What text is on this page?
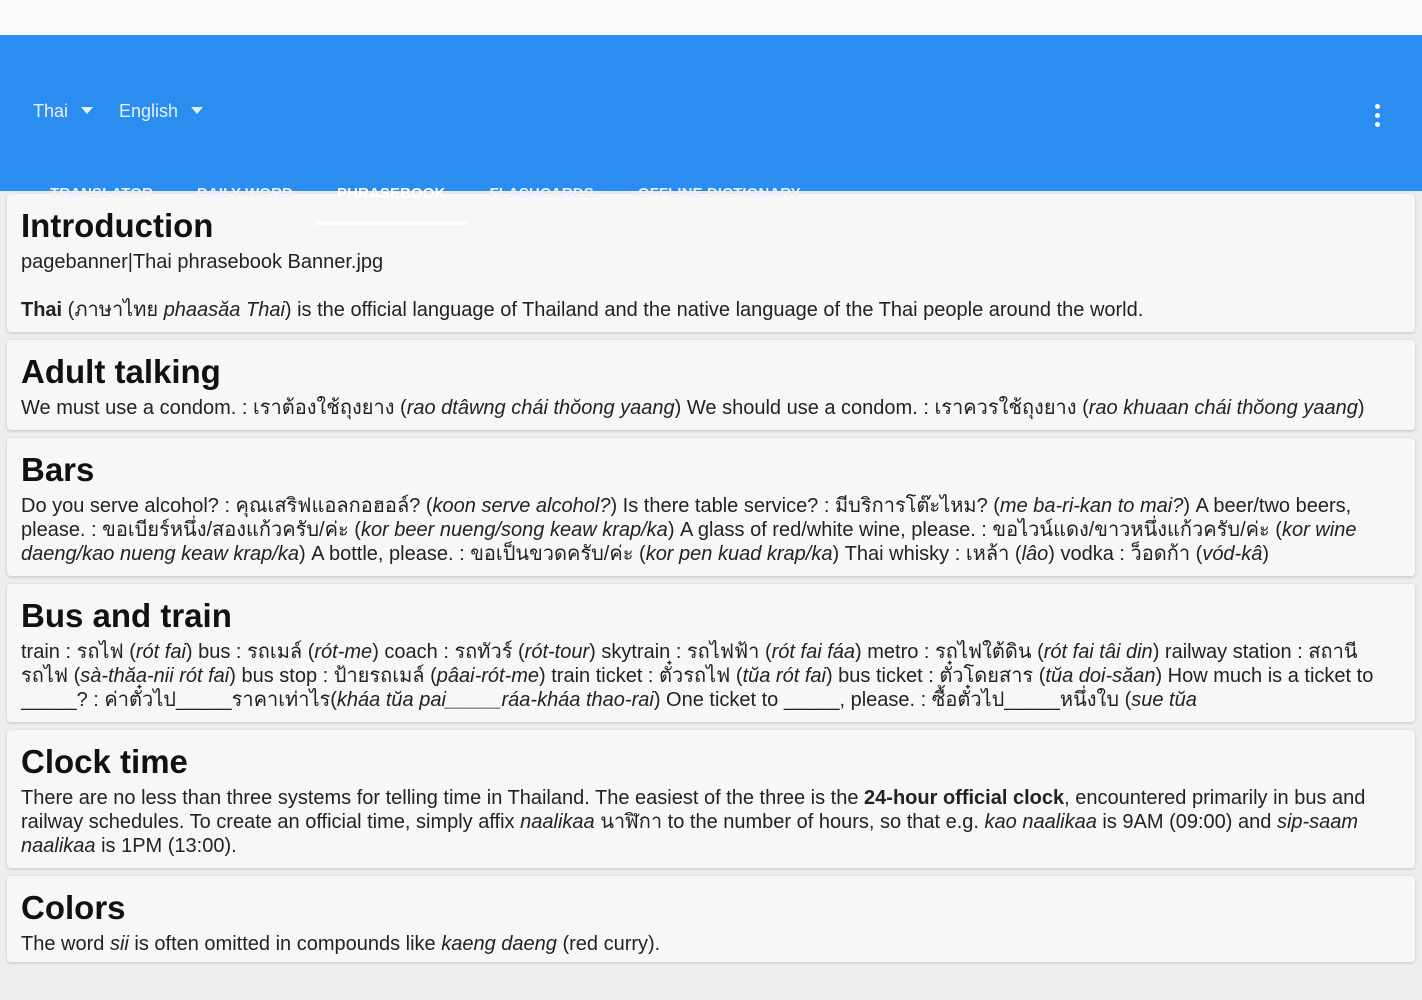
Thai	English
TRANSLATOR	DAILY WORD	PHRASEBOOK	FLASHCARDS	OFFLINE DICTIONARY
Introduction

pagebanner|Thai phrasebook Banner.jpg

Thai (ภาษาไทย phaasăa Thai) is the official language of Thailand and the native language of the Thai people around the world.

Adult talking

We must use a condom. : เราต้องใช้ถุงยาง (rao dtâwng chái thŏong yaang) We should use a condom. : เราควรใช้ถุงยาง (rao khuaan chái thŏong yaang)

Bars

Do you serve alcohol? : คุณเสริฟแอลกอฮอล์? (koon serve alcohol?) Is there table service? : มีบริการโต๊ะไหม? (me ba-ri-kan to mai?) A beer/two beers, please. : ขอเบียร์หนึ่ง/สองแก้วครับ/ค่ะ (kor beer nueng/song keaw krap/ka) A glass of red/white wine, please. : ขอไวน์แดง/ขาวหนึ่งแก้วครับ/ค่ะ (kor wine daeng/kao nueng keaw krap/ka) A bottle, please. : ขอเป็นขวดครับ/ค่ะ (kor pen kuad krap/ka) Thai whisky : เหล้า (lâo) vodka : ว็อดก้า (vód-kâ)

Bus and train

train : รถไฟ (rót fai) bus : รถเมล์ (rót-me) coach : รถทัวร์ (rót-tour) skytrain : รถไฟฟ้า (rót fai fáa) metro : รถไฟใต้ดิน (rót fai tâi din) railway station : สถานีรถไฟ (sà-thăa-nii rót fai) bus stop : ป้ายรถเมล์ (pâai-rót-me) train ticket : ตั๋วรถไฟ (tŭa rót fai) bus ticket : ตั๋วโดยสาร (tŭa doi-săan) How much is a ticket to _____? : ค่าตั๋วไป_____ราคาเท่าไร(kháa tŭa pai_____ráa-kháa thao-rai) One ticket to _____, please. : ซื้อตั๋วไป_____หนึ่งใบ (sue tŭa

Clock time

There are no less than three systems for telling time in Thailand. The easiest of the three is the 24-hour official clock, encountered primarily in bus and railway schedules. To create an official time, simply affix naalikaa นาฬิกา to the number of hours, so that e.g. kao naalikaa is 9AM (09:00) and sip-saam naalikaa is 1PM (13:00).

Colors

The word sii is often omitted in compounds like kaeng daeng (red curry).
